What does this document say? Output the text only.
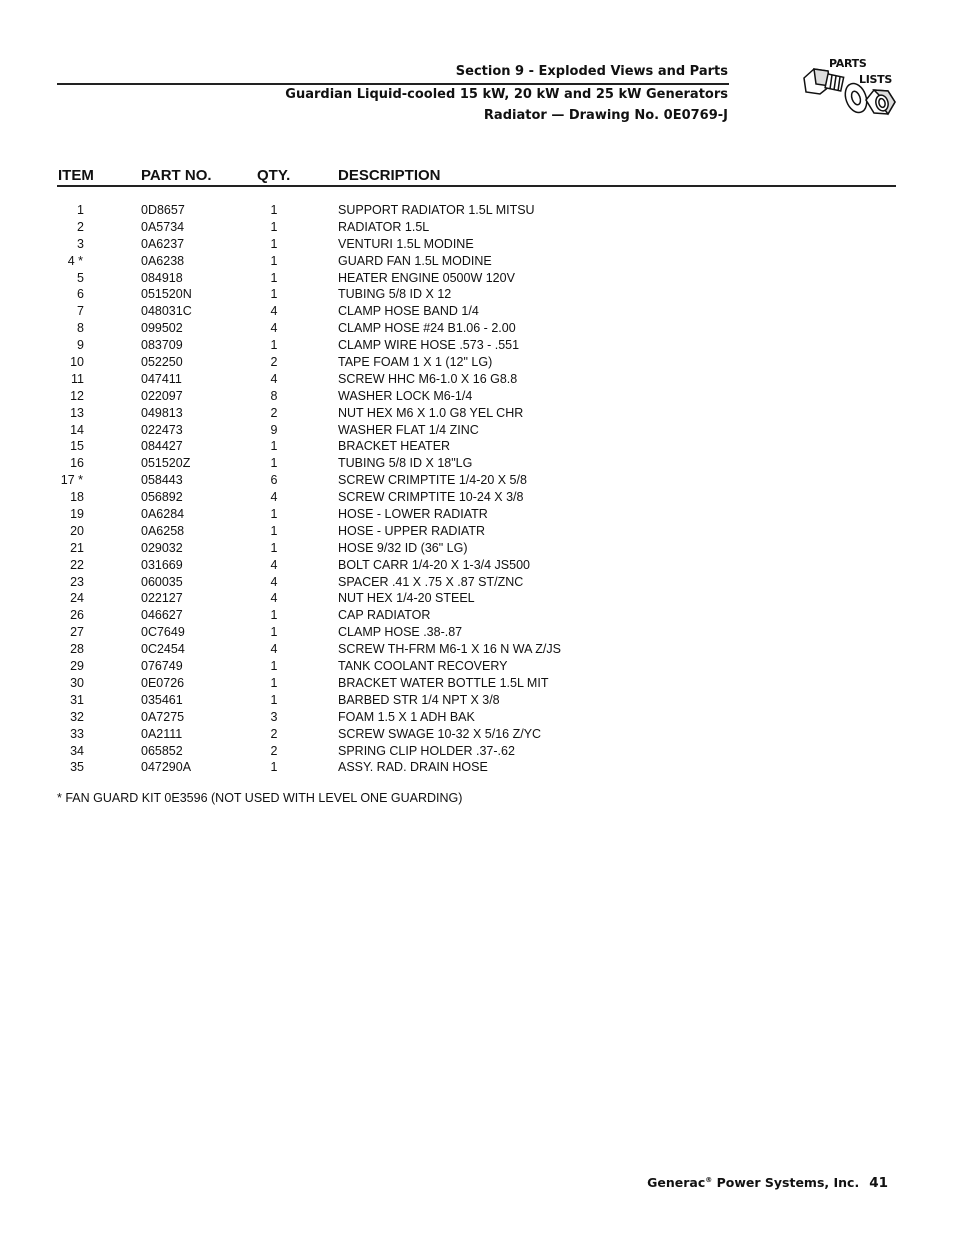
Section 9 - Exploded Views and Parts
Guardian Liquid-cooled 15 kW, 20 kW and 25 kW Generators
Radiator — Drawing No. 0E0769-J
PARTS
LISTS
ITEM	PART NO.	QTY.	DESCRIPTION
1	0D8657	1	SUPPORT RADIATOR 1.5L MITSU
2	0A5734	1	RADIATOR 1.5L
3	0A6237	1	VENTURI 1.5L MODINE
4 *	0A6238	1	GUARD FAN 1.5L MODINE
5	084918	1	HEATER ENGINE 0500W 120V
6	051520N	1	TUBING 5/8 ID X 12
7	048031C	4	CLAMP HOSE BAND 1/4
8	099502	4	CLAMP HOSE #24 B1.06 - 2.00
9	083709	1	CLAMP WIRE HOSE .573 - .551
10	052250	2	TAPE FOAM 1 X 1 (12" LG)
11	047411	4	SCREW HHC M6-1.0 X 16 G8.8
12	022097	8	WASHER LOCK M6-1/4
13	049813	2	NUT HEX M6 X 1.0 G8 YEL CHR
14	022473	9	WASHER FLAT 1/4 ZINC
15	084427	1	BRACKET HEATER
16	051520Z	1	TUBING 5/8 ID X 18"LG
17 *	058443	6	SCREW CRIMPTITE 1/4-20 X 5/8
18	056892	4	SCREW CRIMPTITE 10-24 X 3/8
19	0A6284	1	HOSE - LOWER RADIATR
20	0A6258	1	HOSE - UPPER RADIATR
21	029032	1	HOSE 9/32 ID (36" LG)
22	031669	4	BOLT CARR 1/4-20 X 1-3/4 JS500
23	060035	4	SPACER .41 X .75 X .87 ST/ZNC
24	022127	4	NUT HEX 1/4-20 STEEL
26	046627	1	CAP RADIATOR
27	0C7649	1	CLAMP HOSE .38-.87
28	0C2454	4	SCREW TH-FRM M6-1 X 16 N WA Z/JS
29	076749	1	TANK COOLANT RECOVERY
30	0E0726	1	BRACKET WATER BOTTLE 1.5L MIT
31	035461	1	BARBED STR 1/4 NPT X 3/8
32	0A7275	3	FOAM 1.5 X 1 ADH BAK
33	0A2111	2	SCREW SWAGE 10-32 X 5/16 Z/YC
34	065852	2	SPRING CLIP HOLDER .37-.62
35	047290A	1	ASSY. RAD. DRAIN HOSE
* FAN GUARD KIT 0E3596 (NOT USED WITH LEVEL ONE GUARDING)
Generac® Power Systems, Inc. 41
